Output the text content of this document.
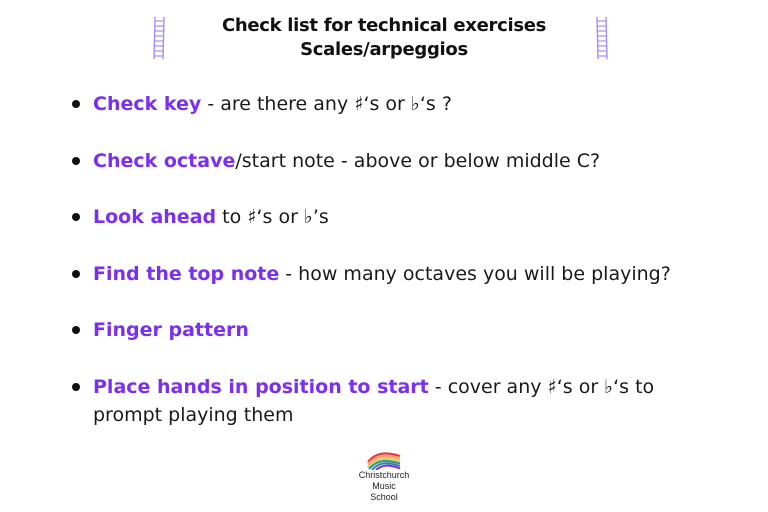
Check list for technical exercises
Scales/arpeggios
Check key - are there any ♯‘s or ♭‘s ?
Check octave/start note - above or below middle C?
Look ahead to ♯‘s or ♭’s
Find the top note - how many octaves you will be playing?
Finger pattern
Place hands in position to start - cover any ♯‘s or ♭‘s to prompt playing them
Christchurch
Music
School
